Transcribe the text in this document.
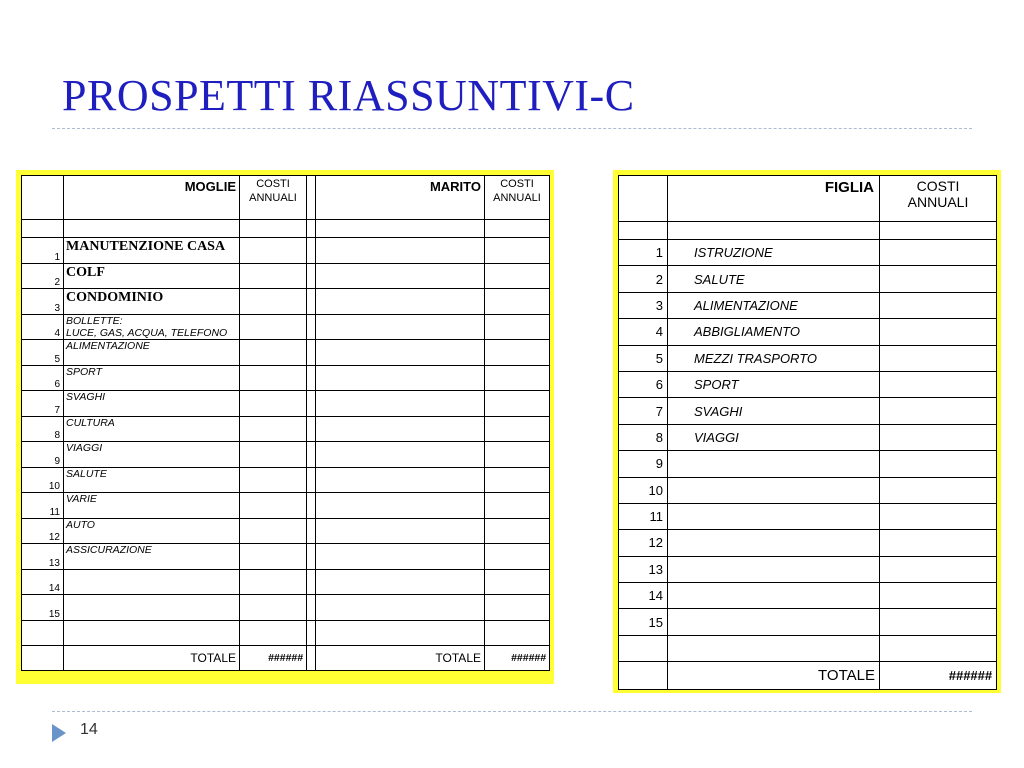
PROSPETTI RIASSUNTIVI-C
	MOGLIE	COSTI
ANNUALI		MARITO	COSTI
ANNUALI

1	MANUTENZIONE CASA				
2	COLF				
3	CONDOMINIO				
4	BOLLETTE:
LUCE, GAS, ACQUA, TELEFONO				
5	ALIMENTAZIONE				
6	SPORT				
7	SVAGHI				
8	CULTURA				
9	VIAGGI				
10	SALUTE				
11	VARIE				
12	AUTO				
13	ASSICURAZIONE				
14					
15					

	TOTALE	######		TOTALE	######
	FIGLIA	COSTI
ANNUALI

1	ISTRUZIONE	
2	SALUTE	
3	ALIMENTAZIONE	
4	ABBIGLIAMENTO	
5	MEZZI TRASPORTO	
6	SPORT	
7	SVAGHI	
8	VIAGGI	
9		
10		
11		
12		
13		
14		
15		

	TOTALE	######
14
